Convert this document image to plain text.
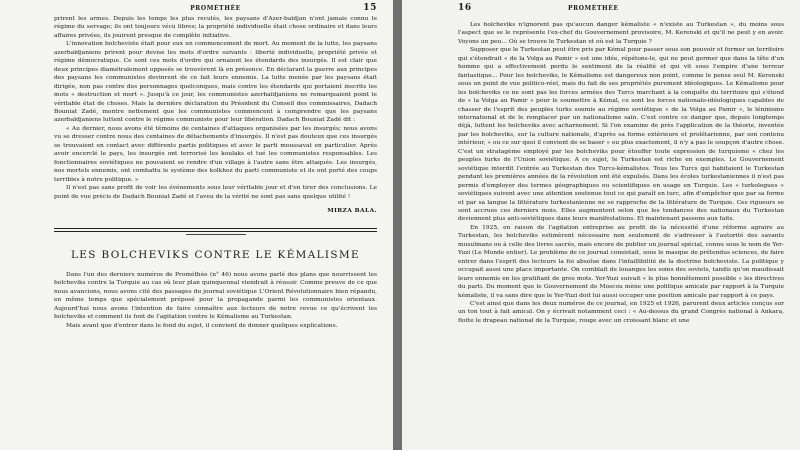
PROMÉTHÉE	15

prirent les armes. Depuis les temps les plus reculés, les paysans d'Azer-baïdjan n'ont jamais connu le régime du servage; ils ont toujours vécu libres; la propriété individuelle était chose ordinaire et dans leurs affaires privées, ils jouirent presque de complète initiative.

L'innovation bolcheviste était pour eux un commencement de mort. Au moment de la lutte, les paysans azerbaïdjaniens prirent pour devise les mots d'ordre suivants : liberté individuelle, propriété privée et régime démocratique. Ce sont ces mots d'ordre qui ornaient les étendards des insurgés. Il est clair que deux principes diamétralement opposés se trouvèrent là en présence. En déclarant la guerre aux principes des paysans les communistes devinrent de ce fait leurs ennemis. La lutte menée par les paysans était dirigée, non pas contre des personnages quelconques, mais contre les étendards qui portaient inscrits les mots « destruction et mort ». Jusqu'à ce jour, les communistes azerbaïdjaniens ne remarquaient point le véritable état de choses. Mais la dernière déclaration du Président du Conseil des commissaires, Dadach Bouniat Zadé, montre nettement que les communistes commencent à comprendre que les paysans azerbaïdjaniens luttent contre le régime communiste pour leur libération. Dadach Bouniat Zadé dit :

« Au dernier, nous avons été témoins de centaines d'attaques organisées par les insurgés; nous avons vu se dresser contre nous des centaines de détachements d'insurgés. Il n'est pas douteux que ces insurgés se trouvaient en contact avec différents partis politiques et avec le parti moussavat en particulier. Après avoir encerclé le pays, les insurgés ont terrorisé les koulaks et tué les communistes responsables. Les fonctionnaires soviétiques ne pouvaient se rendre d'un village à l'autre sans être attaqués. Les insurgés, nos mortels ennemis, ont combattu le système des kolkhoz du parti communiste et ils ont porté des coups terribles à notre politique. »

Il n'est pas sans profit de voir les événements sous leur véritable jour et d'en tirer des conclusions. Le point de vue précis de Dadach Bouniat Zadé et l'aveu de la vérité ne sont pas sans quelque utilité !

MIRZA BALA.
LES BOLCHEVIKS CONTRE LE KÉMALISME

Dans l'un des derniers numéros de Prométhée (n° 46) nous avons parlé des plans que nourrissent les bolcheviks contre la Turquie au cas où leur plan quinquennal viendrait à réussir. Comme preuve de ce que nous avancions, nous avons cité des passages du journal soviétique L'Orient Révolutionnaire bien répandu, en même temps que spécialement préposé pour la propagande parmi les communistes orientaux. Aujourd'hui nous avons l'intention de faire connaître aux lecteurs de notre revue ce qu'écrivent les bolcheviks et comment ils font de l'agitation contre le Kémalisme au Turkestan.

Mais avant que d'entrer dans le fond du sujet, il convient de donner quelques explications.

16	PROMÉTHÉE

Les bolcheviks n'ignorent pas qu'aucun danger kémaliste « n'existe au Turkestan », du moins sous l'aspect que se le représente l'ex-chef du Gouvernement provisoire, M. Kerenski et qu'il ne peut y en avoir. Voyons un peu... Où se trouve le Turkestan et où est la Turquie ?

Supposer que le Turkestan peut être pris par Kémal pour passer sous son pouvoir et former un territoire qui s'étendrait « de la Volga au Pamir » est une idée, répétons-le, qui ne peut germer que dans la tête d'un homme qui a effectivement perdu le sentiment de la réalité et qui vit sous l'empire d'une terreur fantastique... Pour les bolcheviks, le Kémalisme est dangereux non point, comme le pense seul M. Kerenski sous un point de vue politico-réel, mais du fait de ses propriétés purement idéologiques. Le Kémalisme pour les bolcheviks ce ne sont pas les forces armées des Turcs marchant à la conquête du territoire qui s'étend de « la Volga au Pamir » pour le soumettre à Kémal, ce sont les forces nationalo-idéologiques capables de chasser de l'esprit des peuples turks soumis au régime soviétique « de la Volga au Pamir », le léninisme international et de le remplacer par un nationalisme sain. C'est contre ce danger que, depuis longtemps déjà, luttent les bolcheviks avec acharnement. Si l'on examine de près l'application de la théorie, inventée par les bolcheviks, sur la culture nationale, d'après sa forme extérieure et prolétarienne, par son contenu intérieur, « ou ce sur quoi il convient de se baser » ou plus exactement, il n'y a pas le soupçon d'autre chose. C'est un stratagème employé par les bolcheviks pour étouffer toute expression de turquisme « chez les peuples turks de l'Union soviétique. A ce sujet, le Turkestan est riche en exemples. Le Gouvernement soviétique interdit l'entrée au Turkestan des Turcs-kémalistes. Tous les Turcs qui habitaient le Turkestan pendant les premières années de la révolution ont été expulsés. Dans les écoles turkestaniennes il n'est pas permis d'employer des termes géographiques ou scientifiques en usage en Turquie. Les « turkologues » soviétiques suivent avec une attention soutenue tout ce qui paraît en turc, afin d'empêcher que par sa forme et par sa langue la littérature turkestanienne ne se rapproche de la littérature de Turquie. Ces rigueurs se sont accrues ces derniers mois. Elles augmentent selon que les tendances des nationaux du Turkestan deviennent plus anti-soviétiques dans leurs manifestations. Et maintenant passons aux faits.

En 1925, en raison de l'agitation entreprise au profit de la nécessité d'une réforme agraire au Turkestan, les bolcheviks estimèrent nécessaire non seulement de s'adresser à l'autorité des savants musulmans ou à celle des livres sacrés, mais encore de publier un journal spécial, connu sous le nom de Yer-Yuzi (Le Monde entier). Le problème de ce journal consistait, sous le masque de prétendus sciences, de faire entrer dans l'esprit des lecteurs la foi absolue dans l'infaillibilité de la doctrine bolcheviste. La politique y occupait aussi une place importante. On comblait de louanges les soins des soviets, tandis qu'on maudissait leurs ennemis en les gratifiant de gros mots. Yer-Yuzi suivait « le plus honnêtement possible » les directives du parti. Du moment que le Gouvernement de Moscou mène une politique amicale par rapport à la Turquie kémaliste, il va sans dire que le Yer-Yuzi doit lui aussi occuper une position amicale par rapport à ce pays.

C'est ainsi que dans les deux numéros de ce journal, en 1925 et 1926, parurent deux articles conçus sur un ton tout à fait amical. On y écrivait notamment ceci : « Au-dessus du grand Congrès national à Ankara, flotte le drapeau national de la Turquie, rouge avec un croissant blanc et une
